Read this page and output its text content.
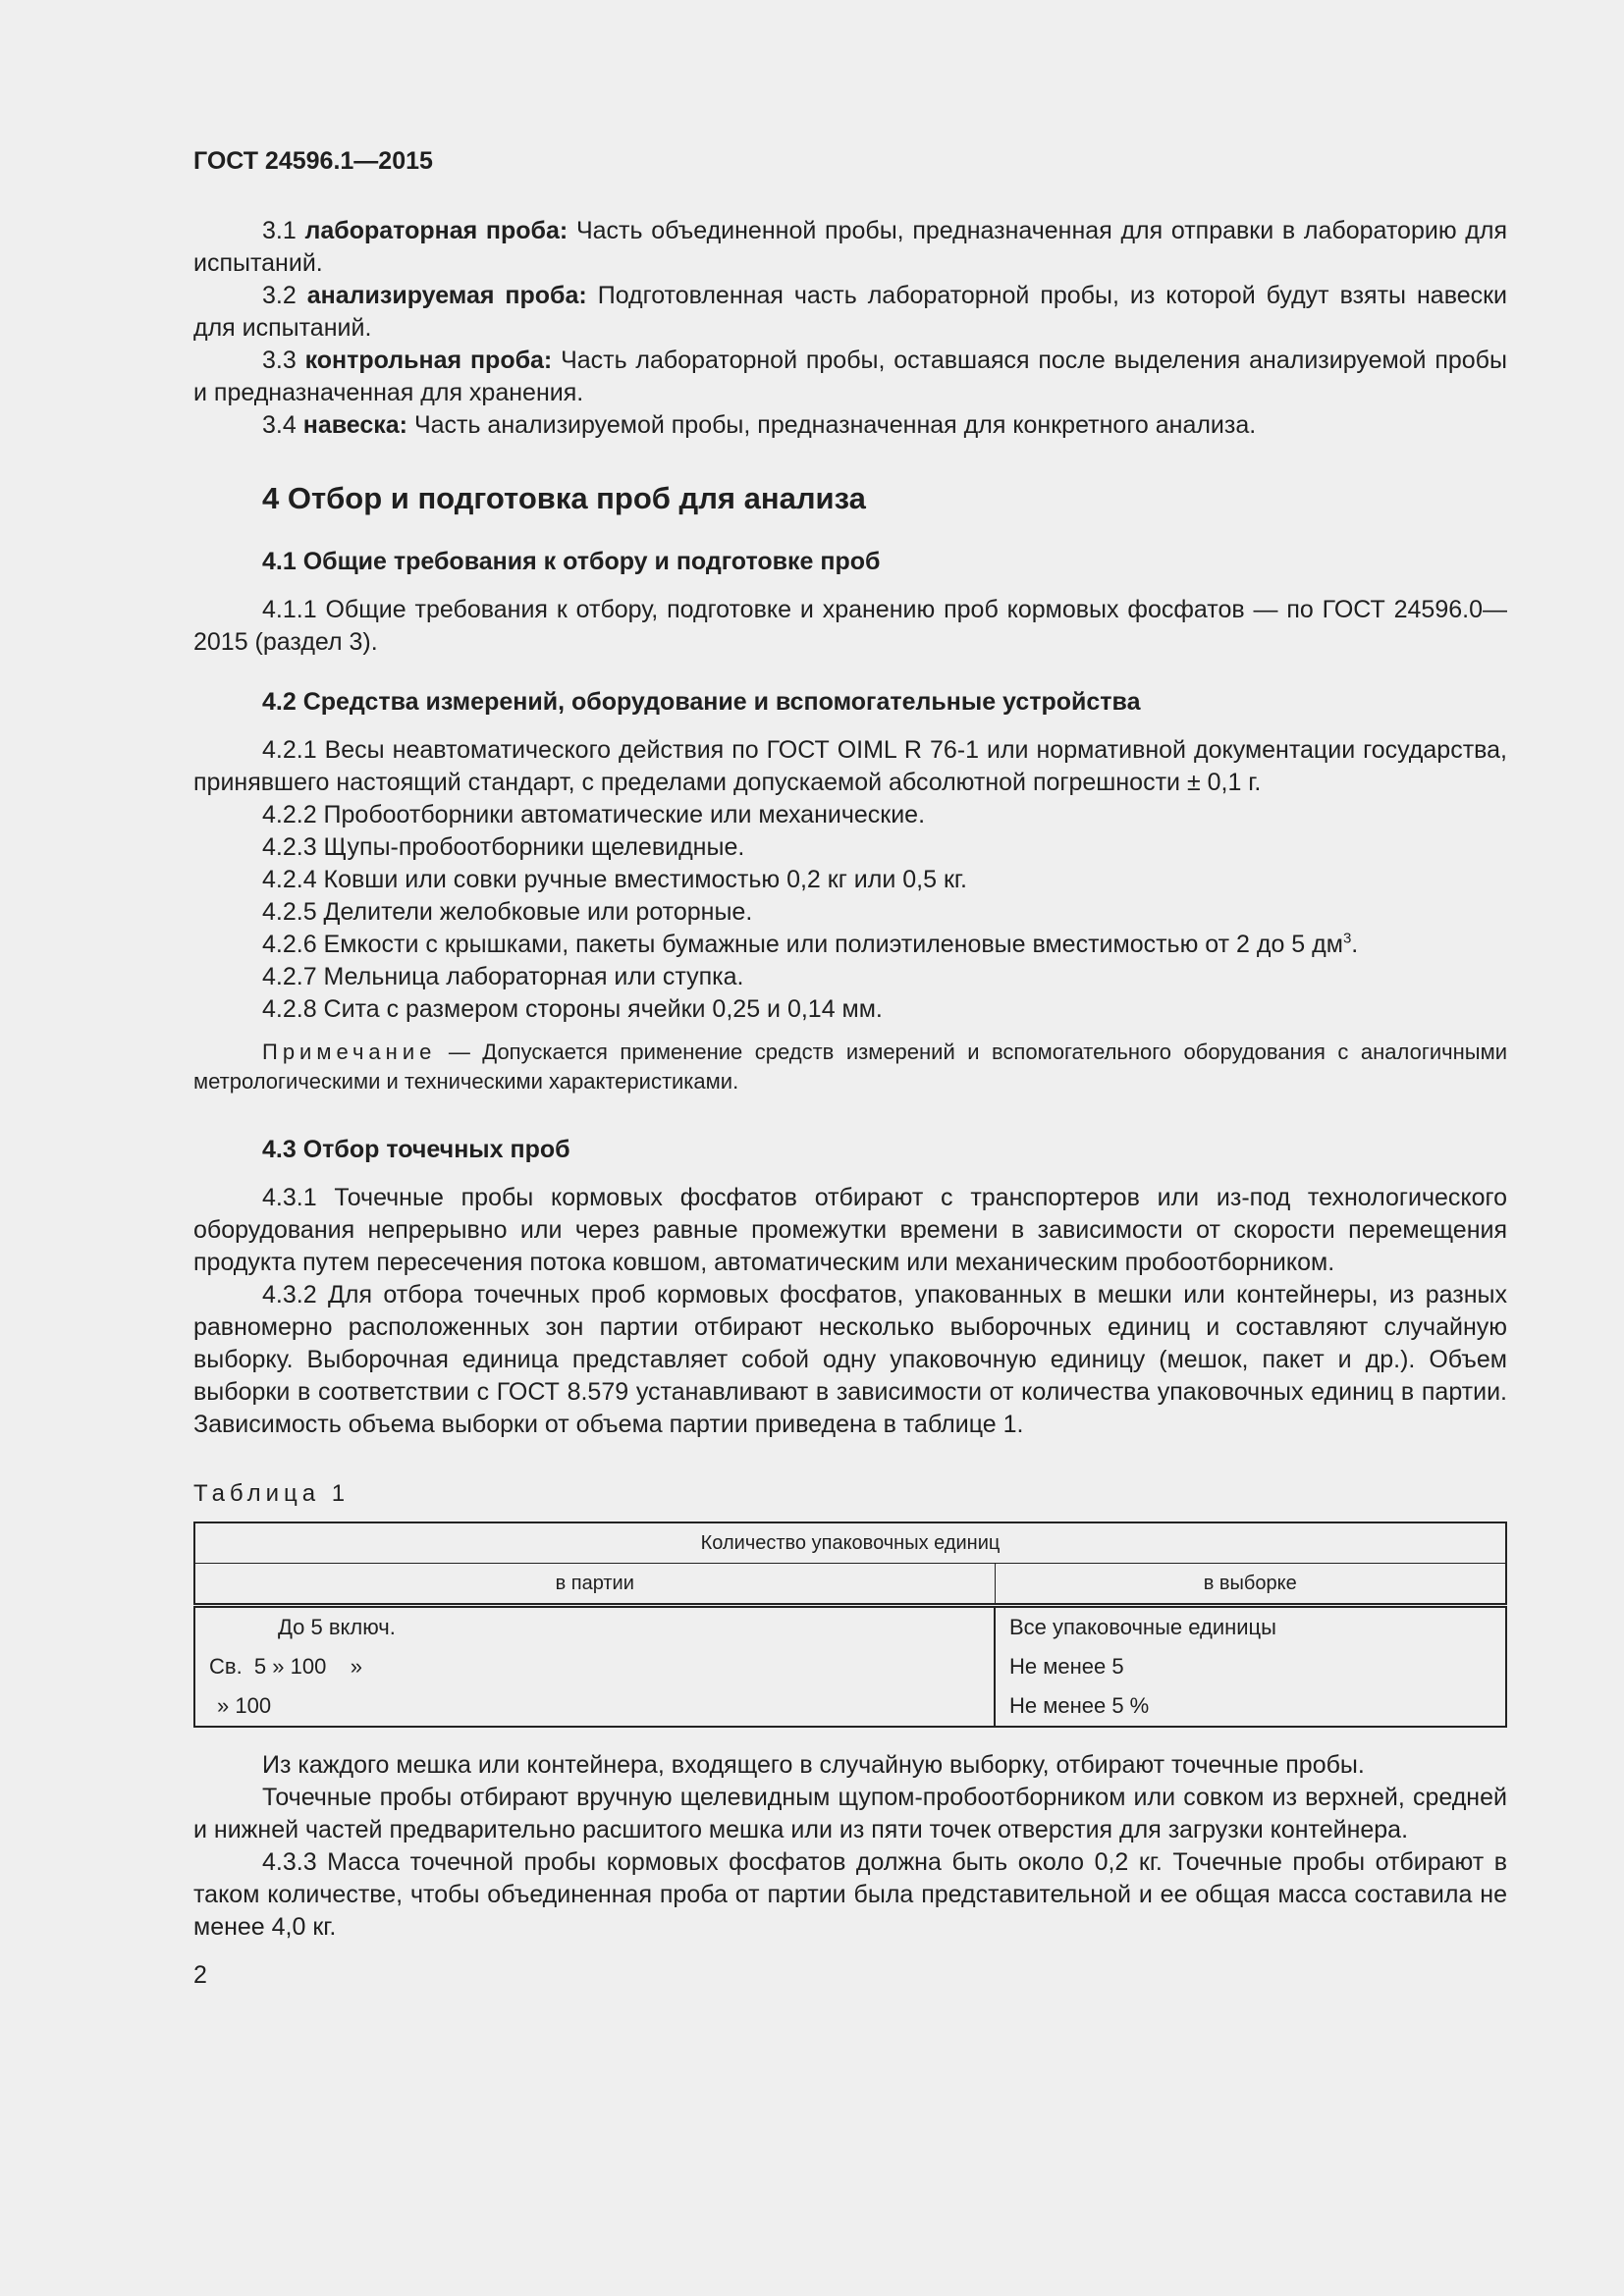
ГОСТ 24596.1—2015

3.1 лабораторная проба: Часть объединенной пробы, предназначенная для отправки в лабораторию для испытаний.

3.2 анализируемая проба: Подготовленная часть лабораторной пробы, из которой будут взяты навески для испытаний.

3.3 контрольная проба: Часть лабораторной пробы, оставшаяся после выделения анализируемой пробы и предназначенная для хранения.

3.4 навеска: Часть анализируемой пробы, предназначенная для конкретного анализа.

4 Отбор и подготовка проб для анализа
4.1 Общие требования к отбору и подготовке проб

4.1.1 Общие требования к отбору, подготовке и хранению проб кормовых фосфатов — по ГОСТ 24596.0—2015 (раздел 3).

4.2 Средства измерений, оборудование и вспомогательные устройства

4.2.1 Весы неавтоматического действия по ГОСТ OIML R 76-1 или нормативной документации государства, принявшего настоящий стандарт, с пределами допускаемой абсолютной погрешности ± 0,1 г.

4.2.2 Пробоотборники автоматические или механические.

4.2.3 Щупы-пробоотборники щелевидные.

4.2.4 Ковши или совки ручные вместимостью 0,2 кг или 0,5 кг.

4.2.5 Делители желобковые или роторные.

4.2.6 Емкости с крышками, пакеты бумажные или полиэтиленовые вместимостью от 2 до 5 $дм^3$.

4.2.7 Мельница лабораторная или ступка.

4.2.8 Сита с размером стороны ячейки 0,25 и 0,14 мм.

Примечание — Допускается применение средств измерений и вспомогательного оборудования с аналогичными метрологическими и техническими характеристиками.
4.3 Отбор точечных проб

4.3.1 Точечные пробы кормовых фосфатов отбирают с транспортеров или из-под технологического оборудования непрерывно или через равные промежутки времени в зависимости от скорости перемещения продукта путем пересечения потока ковшом, автоматическим или механическим пробоотборником.

4.3.2 Для отбора точечных проб кормовых фосфатов, упакованных в мешки или контейнеры, из разных равномерно расположенных зон партии отбирают несколько выборочных единиц и составляют случайную выборку. Выборочная единица представляет собой одну упаковочную единицу (мешок, пакет и др.). Объем выборки в соответствии с ГОСТ 8.579 устанавливают в зависимости от количества упаковочных единиц в партии. Зависимость объема выборки от объема партии приведена в таблице 1.

Таблица 1
Количество упаковочных единиц	
в партии	в выборке
До 5 включ.	Все упаковочные единицы
Св.  5 » 100    »	Не менее 5
» 100	Не менее 5 %

Из каждого мешка или контейнера, входящего в случайную выборку, отбирают точечные пробы.

Точечные пробы отбирают вручную щелевидным щупом-пробоотборником или совком из верхней, средней и нижней частей предварительно расшитого мешка или из пяти точек отверстия для загрузки контейнера.

4.3.3 Масса точечной пробы кормовых фосфатов должна быть около 0,2 кг. Точечные пробы отбирают в таком количестве, чтобы объединенная проба от партии была представительной и ее общая масса составила не менее 4,0 кг.

2
